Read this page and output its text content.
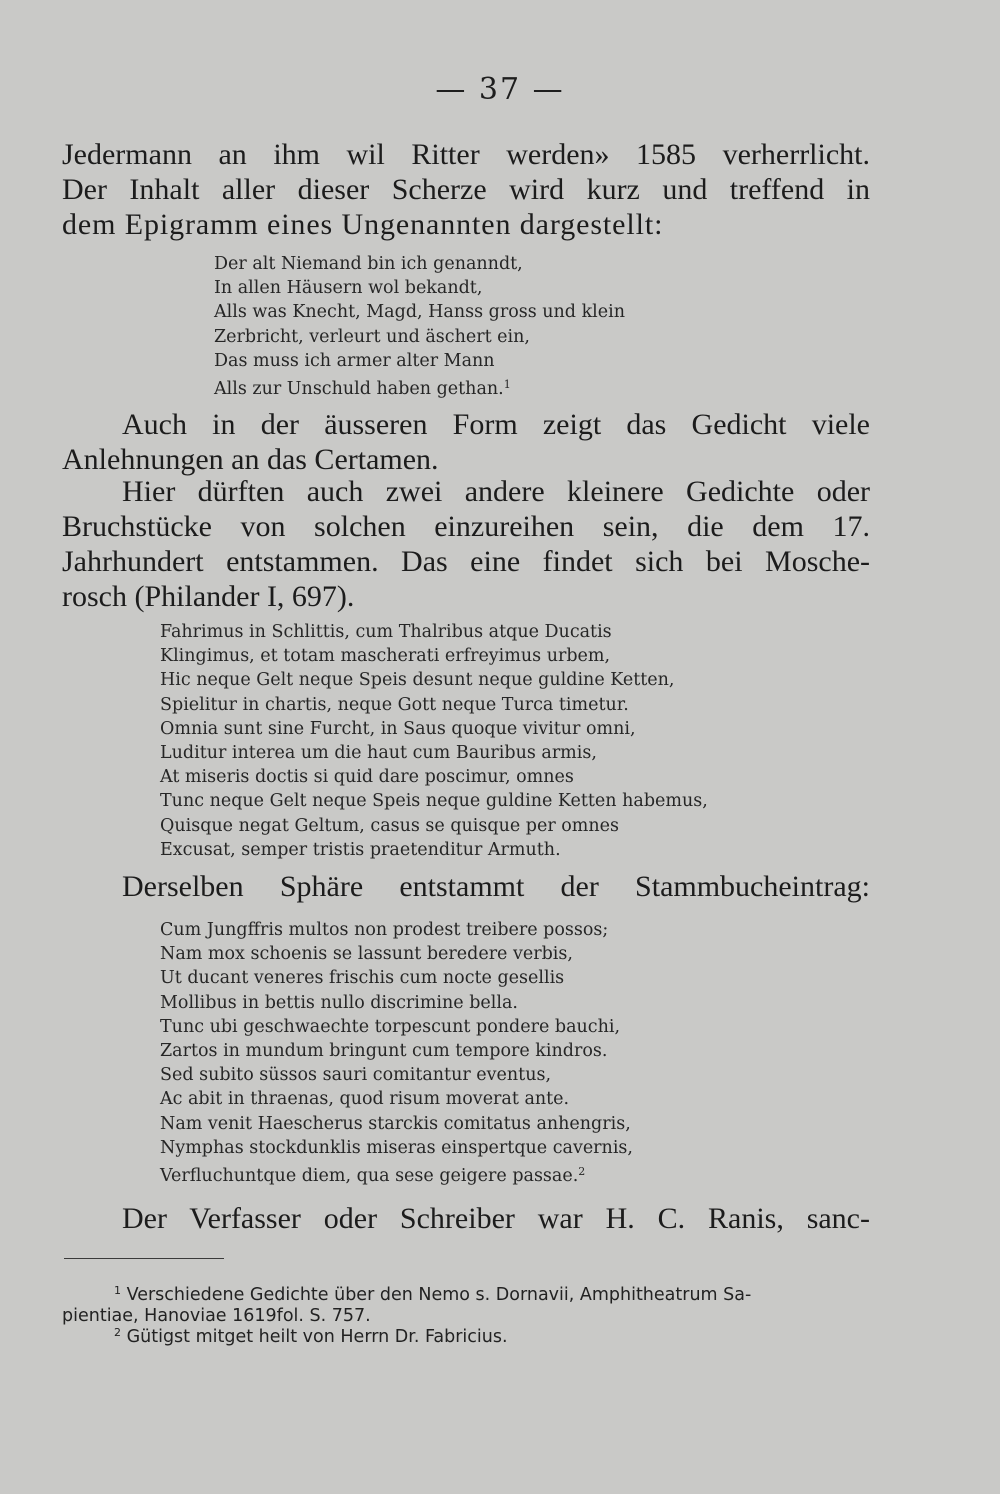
— 37 —
Jedermann an ihm wil Ritter werden» 1585 verherrlicht.
Der Inhalt aller dieser Scherze wird kurz und treffend in
dem Epigramm eines Ungenannten dargestellt:
Der alt Niemand bin ich genanndt,
In allen Häusern wol bekandt,
Alls was Knecht, Magd, Hanss gross und klein
Zerbricht, verleurt und äschert ein,
Das muss ich armer alter Mann
Alls zur Unschuld haben gethan.$^1$
Auch in der äusseren Form zeigt das Gedicht viele
Anlehnungen an das Certamen.
Hier dürften auch zwei andere kleinere Gedichte oder
Bruchstücke von solchen einzureihen sein, die dem 17.
Jahrhundert entstammen. Das eine findet sich bei Mosche-
rosch (Philander I, 697).
Fahrimus in Schlittis, cum Thalribus atque Ducatis
Klingimus, et totam mascherati erfreyimus urbem,
Hic neque Gelt neque Speis desunt neque guldine Ketten,
Spielitur in chartis, neque Gott neque Turca timetur.
Omnia sunt sine Furcht, in Saus quoque vivitur omni,
Luditur interea um die haut cum Bauribus armis,
At miseris doctis si quid dare poscimur, omnes
Tunc neque Gelt neque Speis neque guldine Ketten habemus,
Quisque negat Geltum, casus se quisque per omnes
Excusat, semper tristis praetenditur Armuth.
Derselben Sphäre entstammt der Stammbucheintrag:
Cum Jungffris multos non prodest treibere possos;
Nam mox schoenis se lassunt beredere verbis,
Ut ducant veneres frischis cum nocte gesellis
Mollibus in bettis nullo discrimine bella.
Tunc ubi geschwaechte torpescunt pondere bauchi,
Zartos in mundum bringunt cum tempore kindros.
Sed subito süssos sauri comitantur eventus,
Ac abit in thraenas, quod risum moverat ante.
Nam venit Haescherus starckis comitatus anhengris,
Nymphas stockdunklis miseras einspertque cavernis,
Verfluchuntque diem, qua sese geigere passae.$^2$
Der Verfasser oder Schreiber war H. C. Ranis, sanc-
$^1$ Verschiedene Gedichte über den Nemo s. Dornavii, Amphitheatrum Sa-
pientiae, Hanoviae 1619fol. S. 757.
$^2$ Gütigst mitget heilt von Herrn Dr. Fabricius.
